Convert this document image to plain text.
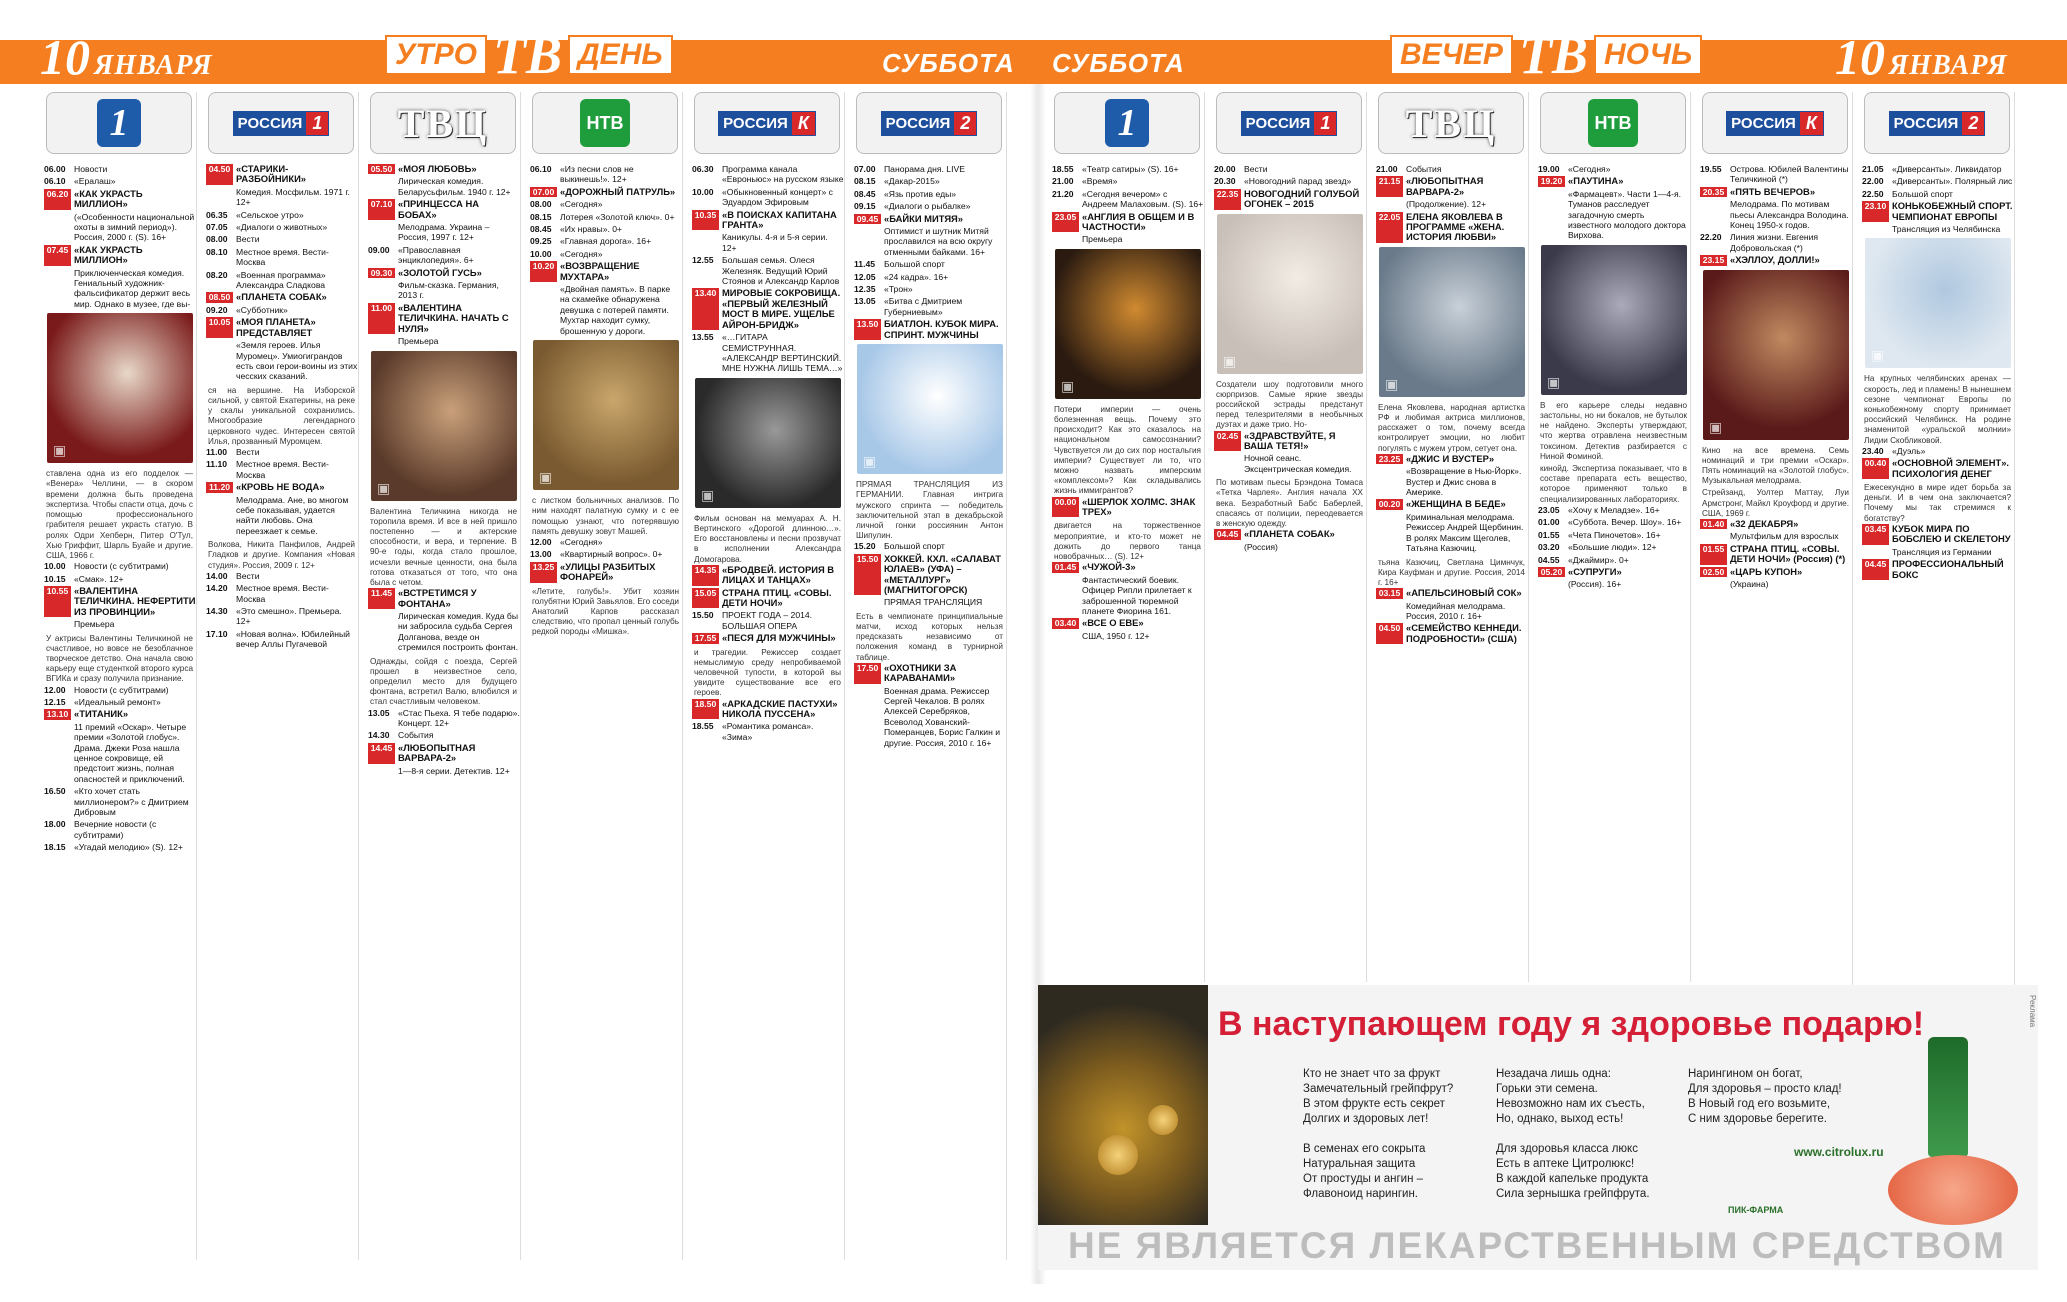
10 ЯНВАРЯ	УТРО ТВ ДЕНЬ	СУББОТА СУББОТА	ВЕЧЕР ТВ НОЧЬ	10 ЯНВАРЯ
1
06.00 Новости
06.10 «Ералаш»
06.20 «КАК УКРАСТЬ МИЛЛИОН»
(«Особенности национальной охоты в зимний период»). Россия, 2000 г. (S). 16+
07.45 «КАК УКРАСТЬ МИЛЛИОН»
Приключенческая комедия. Гениальный художник-фальсификатор держит весь мир. Однако в музее, где вы-
▣
ставлена одна из его подделок — «Венера» Челлини, — в скором времени должна быть проведена экспертиза. Чтобы спасти отца, дочь с помощью профессионального грабителя решает украсть статую. В ролях Одри Хепберн, Питер О'Тул, Хью Гриффит, Шарль Буайе и другие. США, 1966 г.
10.00 Новости (с субтитрами)
10.15 «Смак». 12+
10.55 «ВАЛЕНТИНА ТЕЛИЧКИНА. НЕФЕРТИТИ ИЗ ПРОВИНЦИИ»
Премьера
У актрисы Валентины Теличкиной не счастливое, но вовсе не безоблачное творческое детство. Она начала свою карьеру еще студенткой второго курса ВГИКа и сразу получила признание.
12.00 Новости (с субтитрами)
12.15 «Идеальный ремонт»
13.10 «ТИТАНИК»
11 премий «Оскар». Четыре премии «Золотой глобус». Драма. Джеки Роза нашла ценное сокровище, ей предстоит жизнь, полная опасностей и приключений.
16.50 «Кто хочет стать миллионером?» с Дмитрием Дибровым
18.00 Вечерние новости (с субтитрами)
18.15 «Угадай мелодию» (S). 12+
РОССИЯ 1
04.50 «СТАРИКИ-РАЗБОЙНИКИ»
Комедия. Мосфильм. 1971 г. 12+
06.35 «Сельское утро»
07.05 «Диалоги о животных»
08.00 Вести
08.10 Местное время. Вести-Москва
08.20 «Военная программа» Александра Сладкова
08.50 «ПЛАНЕТА СОБАК»
09.20 «Субботник»
10.05 «МОЯ ПЛАНЕТА» ПРЕДСТАВЛЯЕТ
«Земля героев. Илья Муромец». Умиогиграндов есть свои герои-воины из этих чесских сказаний.
ся на вершине. На Изборской сильной, у святой Екатерины, на реке у скалы уникальной сохранились. Многообразие легендарного церковного чудес. Интересен святой Илья, прозванный Муромцем.
11.00	Вести
11.10	Местное время. Вести-Москва
11.20 «КРОВЬ НЕ ВОДА»
Мелодрама. Ане, во многом себе показывая, удается найти любовь. Она переезжает к семье.
Волкова, Никита Панфилов, Андрей Гладков и другие. Компания «Новая студия». Россия, 2009 г. 12+
14.00 Вести
14.20 Местное время. Вести-Москва
14.30 «Это смешно». Премьера. 12+
17.10 «Новая волна». Юбилейный вечер Аллы Пугачевой
ТВЦ
05.50 «МОЯ ЛЮБОВЬ»
Лирическая комедия. Беларусьфильм. 1940 г. 12+
07.10 «ПРИНЦЕССА НА БОБАХ»
Мелодрама. Украина – Россия, 1997 г. 12+
09.00 «Православная энциклопедия». 6+
09.30 «ЗОЛОТОЙ ГУСЬ»
Фильм-сказка. Германия, 2013 г.
11.00 «ВАЛЕНТИНА ТЕЛИЧКИНА. НАЧАТЬ С НУЛЯ»
Премьера
▣
Валентина Теличкина никогда не торопила время. И все в ней пришло постепенно — и актерские способности, и вера, и терпение. В 90-е годы, когда стало прошлое, исчезли вечные ценности, она была готова отказаться от того, что она была с четом.
11.45 «ВСТРЕТИМСЯ У ФОНТАНА»
Лирическая комедия. Куда бы ни забросила судьба Сергея Долганова, везде он стремился построить фонтан.
Однажды, сойдя с поезда, Сергей прошел в неизвестное село, определил место для будущего фонтана, встретил Валю, влюбился и стал счастливым человеком.
13.05 «Стас Пьеха. Я тебе подарю». Концерт. 12+
14.30 События
14.45 «ЛЮБОПЫТНАЯ ВАРВАРА-2»
1—8-я серии. Детектив. 12+
НТВ
06.10 «Из песни слов не выкинешь!». 12+
07.00 «ДОРОЖНЫЙ ПАТРУЛЬ»
08.00 «Сегодня»
08.15 Лотерея «Золотой ключ». 0+
08.45 «Их нравы». 0+
09.25 «Главная дорога». 16+
10.00 «Сегодня»
10.20 «ВОЗВРАЩЕНИЕ МУХТАРА»
«Двойная память». В парке на скамейке обнаружена девушка с потерей памяти. Мухтар находит сумку, брошенную у дороги.
▣
с листком больничных анализов. По ним находят палатную сумку и с ее помощью узнают, что потерявшую память девушку зовут Машей.
12.00 «Сегодня»
13.00 «Квартирный вопрос». 0+
13.25 «УЛИЦЫ РАЗБИТЫХ ФОНАРЕЙ»
«Летите, голубь!». Убит хозяин голубятни Юрий Завьялов. Его соседи Анатолий Карпов рассказал следствию, что пропал ценный голубь редкой породы «Мишка».
РОССИЯ К
06.30 Программа канала «Евроньюс» на русском языке
10.00 «Обыкновенный концерт» с Эдуардом Эфировым
10.35 «В ПОИСКАХ КАПИТАНА ГРАНТА»
Каникулы. 4-я и 5-я серии. 12+
12.55 Большая семья. Олеся Железняк. Ведущий Юрий Стоянов и Александр Карлов
13.40 МИРОВЫЕ СОКРОВИЩА. «ПЕРВЫЙ ЖЕЛЕЗНЫЙ МОСТ В МИРЕ. УЩЕЛЬЕ АЙРОН-БРИДЖ»
13.55 «…ГИТАРА СЕМИСТРУННАЯ. «АЛЕКСАНДР ВЕРТИНСКИЙ. МНЕ НУЖНА ЛИШЬ ТЕМА…»
▣
Фильм основан на мемуарах А. Н. Вертинского «Дорогой длинною…». Его восстановлены и песни прозвучат в исполнении Александра Домогарова.
14.35 «БРОДВЕЙ. ИСТОРИЯ В ЛИЦАХ И ТАНЦАХ»
15.05 СТРАНА ПТИЦ. «СОВЫ. ДЕТИ НОЧИ»
15.50 ПРОЕКТ ГОДА – 2014. БОЛЬШАЯ ОПЕРА
17.55 «ПЕСЯ ДЛЯ МУЖЧИНЫ»
и трагедии. Режиссер создает немыслимую среду непробиваемой человечной тупости, в которой вы увидите существование все его героев.
18.50 «АРКАДСКИЕ ПАСТУХИ» НИКОЛА ПУССЕНА»
18.55 «Романтика романса». «Зима»
РОССИЯ 2
07.00 Панорама дня. LIVE
08.15 «Дакар-2015»
08.45 «Язь против еды»
09.15 «Диалоги о рыбалке»
09.45 «БАЙКИ МИТЯЯ»
Оптимист и шутник Митяй прославился на всю округу отменными байками. 16+
11.45	Большой спорт
12.05 «24 кадра». 16+
12.35 «Трон»
13.05 «Битва с Дмитрием Губерниевым»
13.50 БИАТЛОН. КУБОК МИРА. СПРИНТ. МУЖЧИНЫ
▣
ПРЯМАЯ ТРАНСЛЯЦИЯ ИЗ ГЕРМАНИИ. Главная интрига мужского спринта — победитель заключительной этап в декабрьской личной гонки россиянин Антон Шипулин.
15.20 Большой спорт
15.50 ХОККЕЙ. КХЛ. «САЛАВАТ ЮЛАЕВ» (УФА) – «МЕТАЛЛУРГ» (МАГНИТОГОРСК)
ПРЯМАЯ ТРАНСЛЯЦИЯ
Есть в чемпионате принципиальные матчи, исход которых нельзя предсказать независимо от положения команд в турнирной таблице.
17.50 «ОХОТНИКИ ЗА КАРАВАНАМИ»
Военная драма. Режиссер Сергей Чекалов. В ролях Алексей Серебряков, Всеволод Хованский-Померанцев, Борис Галкин и другие. Россия, 2010 г. 16+
1
18.55 «Театр сатиры» (S). 16+
21.00 «Время»
21.20 «Сегодня вечером» с Андреем Малаховым. (S). 16+
23.05 «АНГЛИЯ В ОБЩЕМ И В ЧАСТНОСТИ»
Премьера
▣
Потери империи — очень болезненная вещь. Почему это происходит? Как это сказалось на национальном самосознании? Чувствуется ли до сих пор ностальгия империи? Существует ли то, что можно назвать имперским «комплексом»? Как складывались жизнь иммигрантов?
00.00 «ШЕРЛОК ХОЛМС. ЗНАК ТРЕХ»
двигается на торжественное мероприятие, и кто-то может не дожить до первого танца новобрачных… (S). 12+
01.45 «ЧУЖОЙ-3»
Фантастический боевик. Офицер Рипли прилетает к заброшенной тюремной планете Фиорина 161.
03.40 «ВСЕ О ЕВЕ»
США, 1950 г. 12+
РОССИЯ 1
20.00 Вести
20.30 «Новогодний парад звезд»
22.35 НОВОГОДНИЙ ГОЛУБОЙ ОГОНЕК – 2015
▣
Создатели шоу подготовили много сюрпризов. Самые яркие звезды российской эстрады предстанут перед телезрителями в необычных дуэтах и даже трио. Но-
02.45 «ЗДРАВСТВУЙТЕ, Я ВАША ТЕТЯ!»
Ночной сеанс. Эксцентрическая комедия.
По мотивам пьесы Брэндона Томаса «Тетка Чарлея». Англия начала XX века. Безработный Бабс Баберлей, спасаясь от полиции, переодевается в женскую одежду.
04.45 «ПЛАНЕТА СОБАК»
(Россия)
ТВЦ
21.00 События
21.15 «ЛЮБОПЫТНАЯ ВАРВАРА-2»
(Продолжение). 12+
22.05 ЕЛЕНА ЯКОВЛЕВА В ПРОГРАММЕ «ЖЕНА. ИСТОРИЯ ЛЮБВИ»
▣
Елена Яковлева, народная артистка РФ и любимая актриса миллионов, расскажет о том, почему всегда контролирует эмоции, но любит погулять с мужем утром, сетует она.
23.25 «ДЖИС И ВУСТЕР»
«Возвращение в Нью-Йорк». Вустер и Джис снова в Америке.
00.20 «ЖЕНЩИНА В БЕДЕ»
Криминальная мелодрама. Режиссер Андрей Щербинин. В ролях Максим Щеголев, Татьяна Казючиц.
тьяна Казючиц, Светлана Цимнчук, Кира Кауфман и другие. Россия, 2014 г. 16+
03.15 «АПЕЛЬСИНОВЫЙ СОК»
Комедийная мелодрама. Россия, 2010 г. 16+
04.50 «СЕМЕЙСТВО КЕННЕДИ. ПОДРОБНОСТИ» (США)
НТВ
19.00 «Сегодня»
19.20 «ПАУТИНА»
«Фармацевт». Части 1—4-я. Туманов расследует загадочную смерть известного молодого доктора Вирхова.
▣
В его карьере следы недавно застольны, но ни бокалов, не бутылок не найдено. Эксперты утверждают, что жертва отравлена неизвестным токсином. Детектив разбирается с Ниной Фоминой.
кинойд. Экспертиза показывает, что в составе препарата есть вещество, которое применяют только в специализированных лабораториях.
23.05 «Хочу к Меладзе». 16+
01.00 «Суббота. Вечер. Шоу». 16+
01.55 «Чета Пиночетов». 16+
03.20 «Большие люди». 12+
04.55 «Джаймир». 0+
05.20 «СУПРУГИ»
(Россия). 16+
РОССИЯ К
19.55 Острова. Юбилей Валентины Теличкиной (*)
20.35 «ПЯТЬ ВЕЧЕРОВ»
Мелодрама. По мотивам пьесы Александра Володина. Конец 1950-х годов.
22.20 Линия жизни. Евгения Добровольская (*)
23.15 «ХЭЛЛОУ, ДОЛЛИ!»
▣
Кино на все времена. Семь номинаций и три премии «Оскар». Пять номинаций на «Золотой глобус». Музыкальная мелодрама.
Стрейзанд, Уолтер Маттау, Луи Армстронг, Майкл Кроуфорд и другие. США, 1969 г.
01.40 «32 ДЕКАБРЯ»
Мультфильм для взрослых
01.55 СТРАНА ПТИЦ. «СОВЫ. ДЕТИ НОЧИ» (Россия) (*)
02.50 «ЦАРЬ КУПОН»
(Украина)
РОССИЯ 2
21.05 «Диверсанты». Ликвидатор
22.00 «Диверсанты». Полярный лис
22.50 Большой спорт
23.10 КОНЬКОБЕЖНЫЙ СПОРТ. ЧЕМПИОНАТ ЕВРОПЫ
Трансляция из Челябинска
▣
На крупных челябинских аренах — скорость, лед и пламень! В нынешнем сезоне чемпионат Европы по конькобежному спорту принимает российский Челябинск. На родине знаменитой «уральской молнии» Лидии Скобликовой.
23.40 «Дуэль»
00.40 «ОСНОВНОЙ ЭЛЕМЕНТ». ПСИХОЛОГИЯ ДЕНЕГ
Ежесекундно в мире идет борьба за деньги. И в чем она заключается? Почему мы так стремимся к богатству?
03.45 КУБОК МИРА ПО БОБСЛЕЮ И СКЕЛЕТОНУ
Трансляция из Германии
04.45 ПРОФЕССИОНАЛЬНЫЙ БОКС
В наступающем году я здоровье подарю!
Кто не знает что за фрукт
Замечательный грейпфрут?
В этом фрукте есть секрет
Долгих и здоровых лет!

В семенах его сокрыта
Натуральная защита
От простуды и ангин –
Флавоноид нарингин.
Незадача лишь одна:
Горьки эти семена.
Невозможно нам их съесть,
Но, однако, выход есть!

Для здоровья класса люкс
Есть в аптеке Цитролюкс!
В каждой капельке продукта
Сила зернышка грейпфрута.
Нарингином он богат,
Для здоровья – просто клад!
В Новый год его возьмите,
С ним здоровье берегите.
www.citrolux.ru
ПИК-ФАРМА
Реклама
НЕ ЯВЛЯЕТСЯ ЛЕКАРСТВЕННЫМ СРЕДСТВОМ
